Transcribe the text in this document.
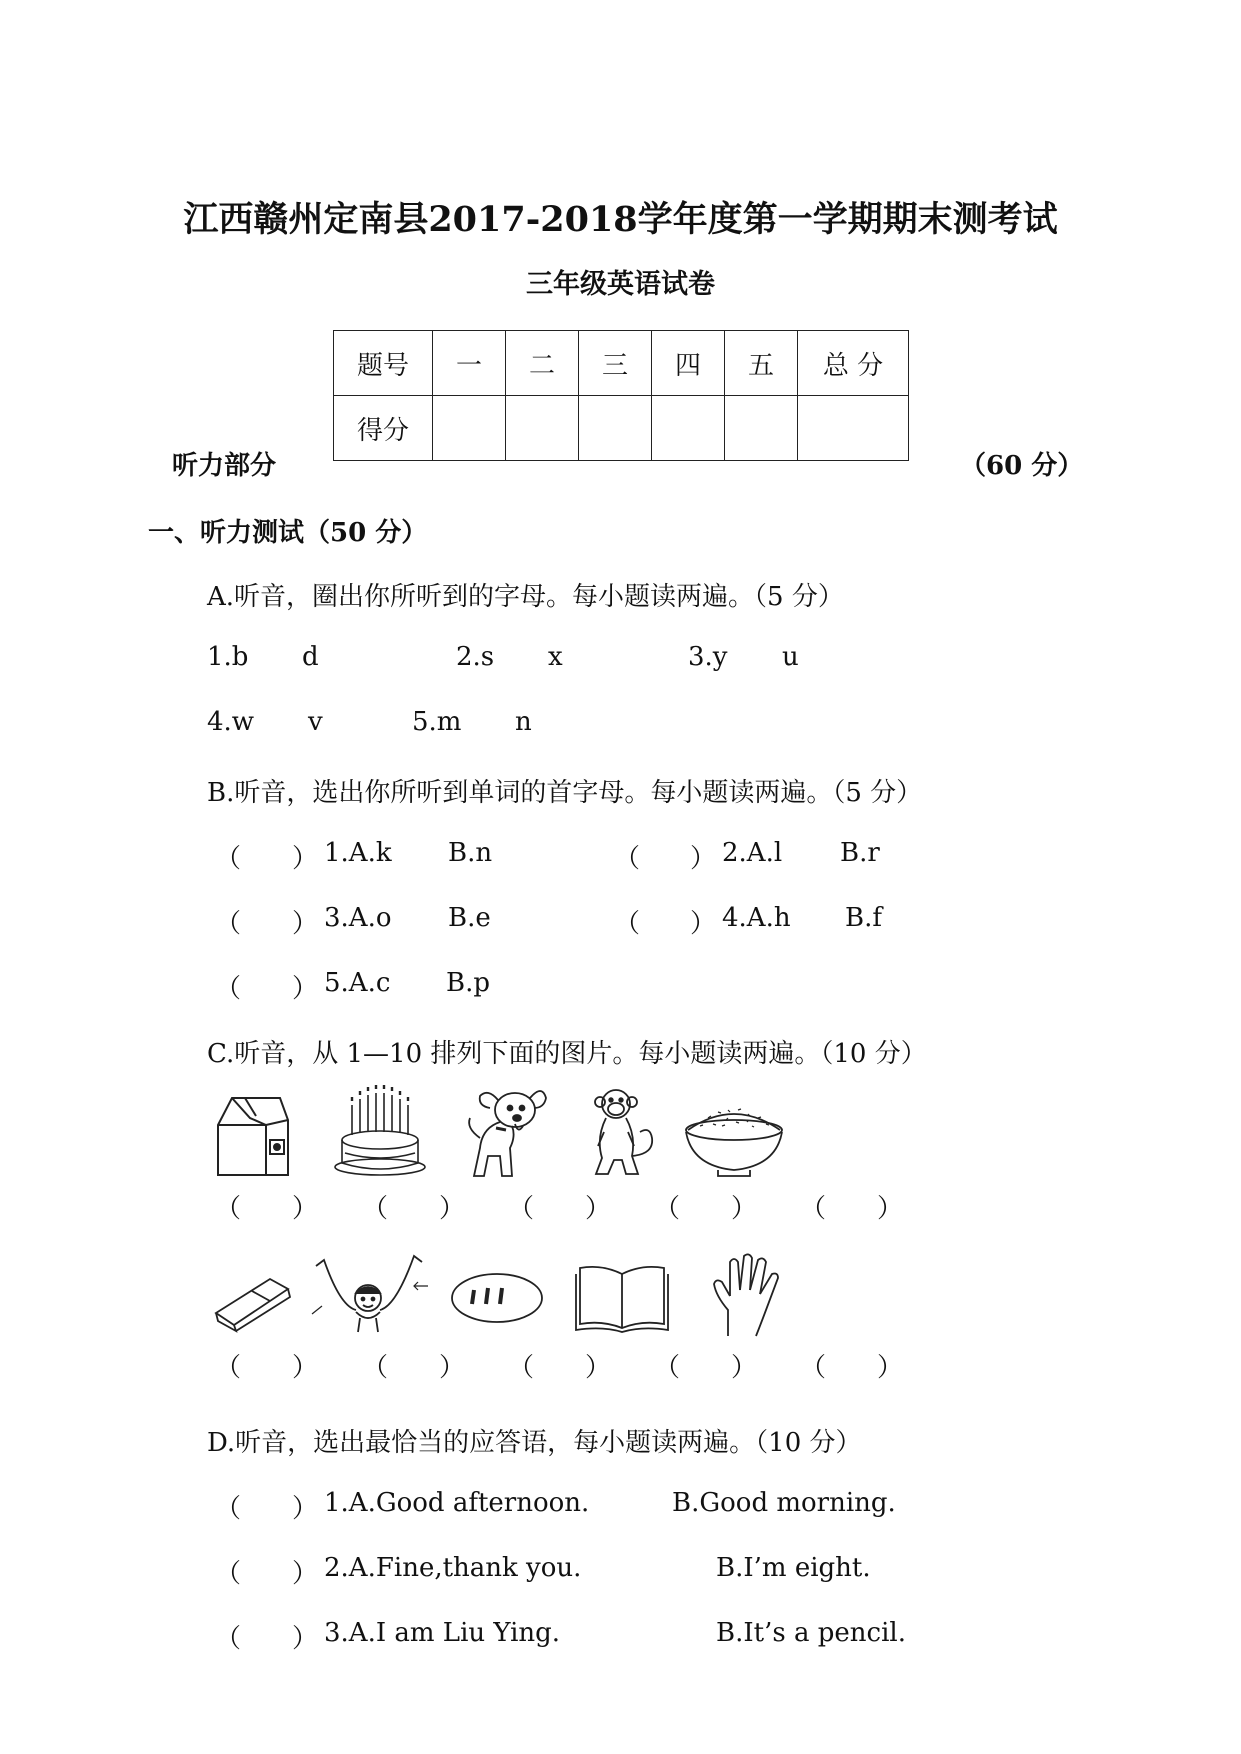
江西赣州定南县2017-2018学年度第一学期期末测考试
三年级英语试卷
题号	一	二	三	四	五	总 分
得分						
听力部分	（60 分）
一、听力测试（50 分）
A.听音，圈出你所听到的字母。每小题读两遍。（5 分）
1.b d	2.s x	3.y u
4.w v	5.m n
B.听音，选出你所听到单词的首字母。每小题读两遍。（5 分）
（ ） 1.A.k B.n	（ ） 2.A.l B.r
（ ） 3.A.o B.e	（ ） 4.A.h B.f
（ ） 5.A.c B.p
C.听音，从 1—10 排列下面的图片。每小题读两遍。（10 分）
（ ） （ ） （ ） （ ） （ ）
（ ） （ ） （ ） （ ） （ ）
D.听音，选出最恰当的应答语，每小题读两遍。（10 分）
（ ） 1.A.Good afternoon.	B.Good morning.
（ ） 2.A.Fine,thank you.	B.I’m eight.
（ ） 3.A.I am Liu Ying.	B.It’s a pencil.
